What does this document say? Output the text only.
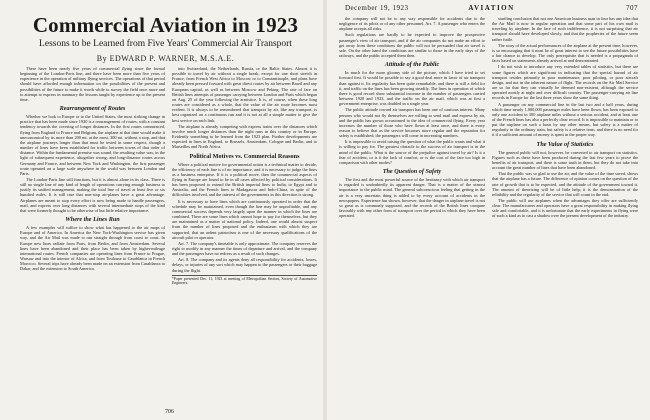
Commercial Aviation in 1923
Lessons to be Learned from Five Years' Commercial Air Transport
By EDWARD P. WARNER, M.S.A.E.

There have been nearly five years of commercial flying since the formal beginning of the London-Paris line, and there have been more than five years of experience in the operation of military flying services. The operations of that period should have afforded enough information on the possibilities of the present and possibilities of the future to make it worth while to survey the field once more and to attempt to express in summary the lessons taught by experience up to the present time.

Rearrangement of Routes

Whether we look to Europe or to the United States, the most striking change in practice that has been made since 1920 is a rearrangement of routes, with a constant tendency towards the covering of longer distances. In the first routes commenced, flying from England to France and Belgium, the airplane at that time would make it uneconomical by its more than 200 mi. at the most, 300 mi. without a stop, and that the airplane journeys longer than that must be tested in some respect, though a number of lines have been established for traffic between towns of that order of distance. Within the fundamental premise was sound, the resulting value was, in the light of subsequent experience, altogether wrong, and long-distance routes across Germany and France, and between New York and Washington, the first passenger route operated on a large scale anywhere in the world was between London and Paris.

The London-Paris line still functions, but it is almost alone in its class. There is still no single line of any kind of length of operations carrying enough business to justify its unified management, making the total line of travel at least five or six hundred miles. It is still true that non-stop air-planes have a great advantage. Airplanes are meant to stop every effort is now being made to handle passengers, mail, and express over long distances with several intermediate stops of the kind that were formerly thought to be otherwise of but little relative importance.

Where the Lines Run

A few examples will suffice to show what has happened to the air maps of Europe and of America. In America the New York-Washington service has given way, and the Air Mail was made to run straight through from coast to coast. In Europe new lines radiate from Paris, from Berlin, and from Amsterdam. Several lines have been abandoned and their place has been taken by higher-mileage international routes. French companies are operating lines from France to Prague, Warsaw and into the interior of Africa, and from Toulouse to Casablanca in French Morocco. Several trips have already been made on an extension from Casablanca to Dakar, and the extension to South America.

into Switzerland, the Netherlands, Russia, or the Baltic States. Almost it is possible to travel by air without a single break, except for one short stretch in France, from French West Africa to Moscow or to Constantinople, and plans have already been pressed forward with great direct routes by air between Brazil and any European capital, as well as between Moscow and Peking. The rate of fare on British lines attempts of passenger carrying between London and Paris which began on Aug. 25 of the year following the armistice. It is, of course, when these long routes are considered as a whole, that the value of the air route becomes most evident. It is always to be remembered that transport by air, like any transport, is best organized on a continuous run and it is not at all a simple matter to give the best service on each link.

The airplane is already competing with express trains over the distances which involve much longer distances than the night runs in this country or in Europe. Evidently something to be learned from the 1923 plan. Further developments are expected in lines in England, to Brussels, Amsterdam, Cologne and Berlin, and to Marseilles and North Africa.

Political Motives vs. Commercial Reasons

Where a political motive for governmental action is a technical matter to decide, the efficiency of each line is of no importance, and it is necessary to judge the lines as a business enterprise. If it is a political move, then the commercial aspects of flying in Europe are found to be in all cases affected by political considerations. It has been proposed to extend the British imperial lines to India, to Egypt and to Australia, and the French lines to Madagascar and Indo-China, in spite of the difficulties involved, and the interest of the governments in this direction is strong.

It is necessary to have lines which are continuously operated in order that the schedule may be maintained, even though the line may be unprofitable, and any commercial success depends very largely upon the manner in which the lines are combined. There are some lines which cannot hope to pay for themselves, but they are maintained as a matter of national policy. Indeed, one would almost suspect from the number of lines proposed and the enthusiasm with which they are supported, that an ardent patriotism is one of the necessary qualifications of the aircraft pilot or operator.

Art. 7. The company's timetable is only approximate. The company reserves the right to modify in any manner the times of departure and arrival, and the company and the passengers have no redress as a result of such changes.

Art. 8. The company and its agents deny all responsibility for accidents, losses, delays, or injuries of any sort which may happen to the passengers or their baggage during the flight.

*Paper presented Dec. 11, 1923 at meeting of Metropolitan Section, Society of Automotive Engineers.
706
December 19, 1923	AVIATION	707

the company will not be to any way responsible for accidents due to the negligence of its pilots or of any other personnel. Art. 7. A passenger who enters the airplane accepts all risks.

Such regulations are hardly to be expected to improve the prospective passenger's view of air transport, and if the air companies do not make an effort to get away from these conditions the public will not be persuaded that air travel is safe. On the other hand the conditions are similar to those in the early days of the railways, and the public accepted them then.

Attitude of the Public

In much for the more gloomy side of the picture, which I have tried to set forward first. It would be possible to say a good deal more in favor of air transport than against it. Its regularity has been quite remarkable, and there is still a field for it, and traffic on the lines has been growing steadily. The lines in operation of which there is good record show substantial increase in the number of passengers carried between 1920 and 1923, and the traffic on the air mail, which was at first a government enterprise, was doubled in a single year.

The public attitude toward air transport has been one of cautious interest. Many persons who would not fly themselves are willing to send mail and express by air, and the public has grown accustomed to the idea of commercial flying. Every year increases the number of those who have flown at least once, and there is every reason to believe that as the service becomes more regular and the reputation for safety is established, the passengers will come in increasing numbers.

It is impossible to avoid raising the question of what the public wants and what it is willing to pay for. The greatest obstacle to the success of air transport is in the mind of the public. What is the source of the prejudice against travel by air? Is it a fear of accident, or is it the lack of comfort, or is the cost of the fare too high in comparison with other modes?

The Question of Safety

The first and the most powerful source of the hesitancy with which air transport is regarded is undoubtedly its apparent danger. That is a matter of the utmost importance to the public mind. The general subconscious feeling that getting in the air is a very uncertain thing is added to by every account of accidents in the newspapers. Experience has shown, however, that the danger in airplane travel is not so great as is commonly supposed, and the records of the British lines compare favorably with any other form of transport over the period in which they have been operated.

startling conclusion that not one American business man in four has any idea that the Air Mail is now in regular operation and that some part of his own mail is traveling by airplane. In the face of such indifference, it is not surprising that air transport should have developed slowly, and that the prophecies of the future seem rather futile.

The story of the actual performances of the airplane at the present time, however, is so encouraging that it must be of great interest to see the future possibilities have a fair chance to develop. The only prerequisite that is needed is a propaganda of facts based on statements already arrived at and demonstrated.

I do not wish to introduce any very extended tables of statistics, but there are some figures which are significant in indicating that the special hazard of air transport resides primarily in poor maintenance, poor piloting, or poor aircraft design, and not in the inherent nature of flight. The records on the Air Mail Service are so far that they can virtually be deemed non-existent, although the service operated mostly at night and over difficult country. The passenger-carrying air line records in Europe for the last three years show the same thing.

A passenger on any commercial line in the last two and a half years, during which time nearly 1,000,000 passenger miles have been flown, has been exposed to only one accident in 300 airplane miles without a serious accident, and at least one of the French lines has also a perfectly clear record. It is impossible to maintain or to put the airplane on such a basis by any other means, but safety is a matter of regularity in the ordinary train, but safety is a relative term, and there is no need for it if a sufficient amount of money is spent in the proper way.

The Value of Statistics

The general public will not, however, be converted to air transport on statistics. Figures such as these have been produced during the last few years to prove the benefits of air transport, and there is some truth in them, but they do not take into account the great number of lines that have been abandoned.

That the public was so glad to use the air, and the value of the time saved, shows that the airplane has a future. The difference of opinion comes on the question of the rate of growth that is to be expected, and the attitude of the government toward it. The amount of theorizing will be of little help; it is the demonstration of the reliability and the regularity of the service that will count in the end.

The public will use airplanes when the advantages they offer are sufficiently clear. The manufacturers and operators have a great responsibility in making flying safe and comfortable, and it is unfortunate that the early experiments in flying were of such a kind as to cast a shadow over the present development of the industry.
